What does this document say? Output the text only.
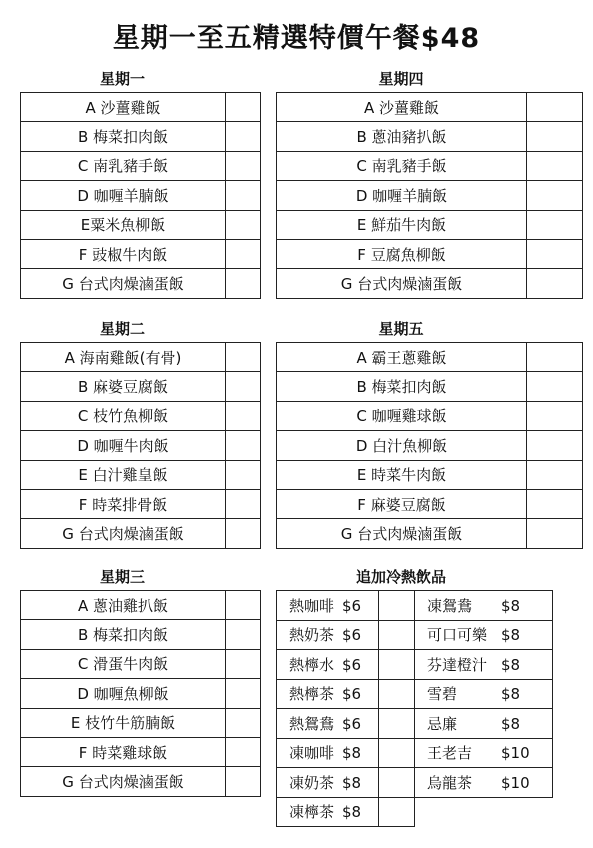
星期一至五精選特價午餐$48
星期一
A 沙薑雞飯	
B 梅菜扣肉飯	
C 南乳豬手飯	
D 咖喱羊腩飯	
E粟米魚柳飯	
F 豉椒牛肉飯	
G 台式肉燥滷蛋飯	
星期四
A 沙薑雞飯	
B 蔥油豬扒飯	
C 南乳豬手飯	
D 咖喱羊腩飯	
E 鮮茄牛肉飯	
F 豆腐魚柳飯	
G 台式肉燥滷蛋飯	
星期二
A 海南雞飯(有骨)	
B 麻婆豆腐飯	
C 枝竹魚柳飯	
D 咖喱牛肉飯	
E 白汁雞皇飯	
F 時菜排骨飯	
G 台式肉燥滷蛋飯	
星期五
A 霸王蔥雞飯	
B 梅菜扣肉飯	
C 咖喱雞球飯	
D 白汁魚柳飯	
E 時菜牛肉飯	
F 麻婆豆腐飯	
G 台式肉燥滷蛋飯	
星期三
A 蔥油雞扒飯	
B 梅菜扣肉飯	
C 滑蛋牛肉飯	
D 咖喱魚柳飯	
E 枝竹牛筋腩飯	
F 時菜雞球飯	
G 台式肉燥滷蛋飯	
追加冷熱飲品
熱咖啡 $6		凍鴛鴦 $8
熱奶茶 $6		可口可樂 $8
熱檸水 $6		芬達橙汁 $8
熱檸茶 $6		雪碧 $8
熱鴛鴦 $6		忌廉 $8
凍咖啡 $8		王老吉 $10
凍奶茶 $8		烏龍茶 $10
凍檸茶 $8		
